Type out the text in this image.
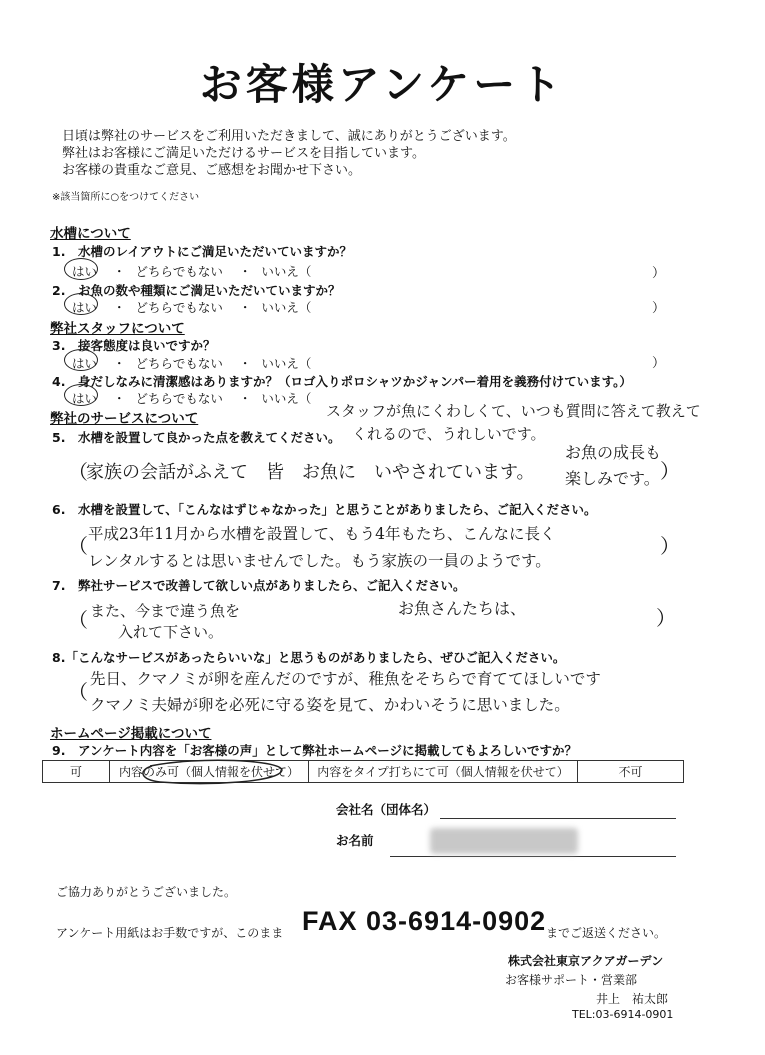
お客様アンケート
日頃は弊社のサービスをご利用いただきまして、誠にありがとうございます。
弊社はお客様にご満足いただけるサービスを目指しています。
お客様の貴重なご意見、ご感想をお聞かせ下さい。
※該当箇所に○をつけてください
水槽について
1.　水槽のレイアウトにご満足いただいていますか？
はい ・ どちらでもない ・ いいえ（	）
2.　お魚の数や種類にご満足いただいていますか？
はい ・ どちらでもない ・ いいえ（	）
弊社スタッフについて
3.　接客態度は良いですか？
はい ・ どちらでもない ・ いいえ（	）
4.　身だしなみに清潔感はありますか？（ロゴ入りポロシャツかジャンパー着用を義務付けています。）
はい ・ どちらでもない ・ いいえ（
弊社のサービスについて
5.　水槽を設置して良かった点を教えてください。
スタッフが魚にくわしくて、いつも質問に答えて教えて
くれるので、うれしいです。
お魚の成長も
楽しみです。
（
家族の会話がふえて　皆　お魚に　いやされています。	）
6.　水槽を設置して、「こんなはずじゃなかった」と思うことがありましたら、ご記入ください。
（ 平成23年11月から水槽を設置して、もう4年もたち、こんなに長く
レンタルするとは思いませんでした。もう家族の一員のようです。
）
7.　弊社サービスで改善して欲しい点がありましたら、ご記入ください。
（ また、今まで違う魚を
入れて下さい。
お魚さんたちは、	）
8.「こんなサービスがあったらいいな」と思うものがありましたら、ぜひご記入ください。
（
先日、クマノミが卵を産んだのですが、稚魚をそちらで育ててほしいです
クマノミ夫婦が卵を必死に守る姿を見て、かわいそうに思いました。
ホームページ掲載について
9.　アンケート内容を「お客様の声」として弊社ホームページに掲載してもよろしいですか？
可	内容のみ可（個人情報を伏せて）	内容をタイプ打ちにて可（個人情報を伏せて）	不可
会社名（団体名）
お名前
ご協力ありがとうございました。
アンケート用紙はお手数ですが、このまま FAX 03-6914-0902 までご返送ください。
株式会社東京アクアガーデン
お客様サポート・営業部
井上　祐太郎
TEL:03-6914-0901
